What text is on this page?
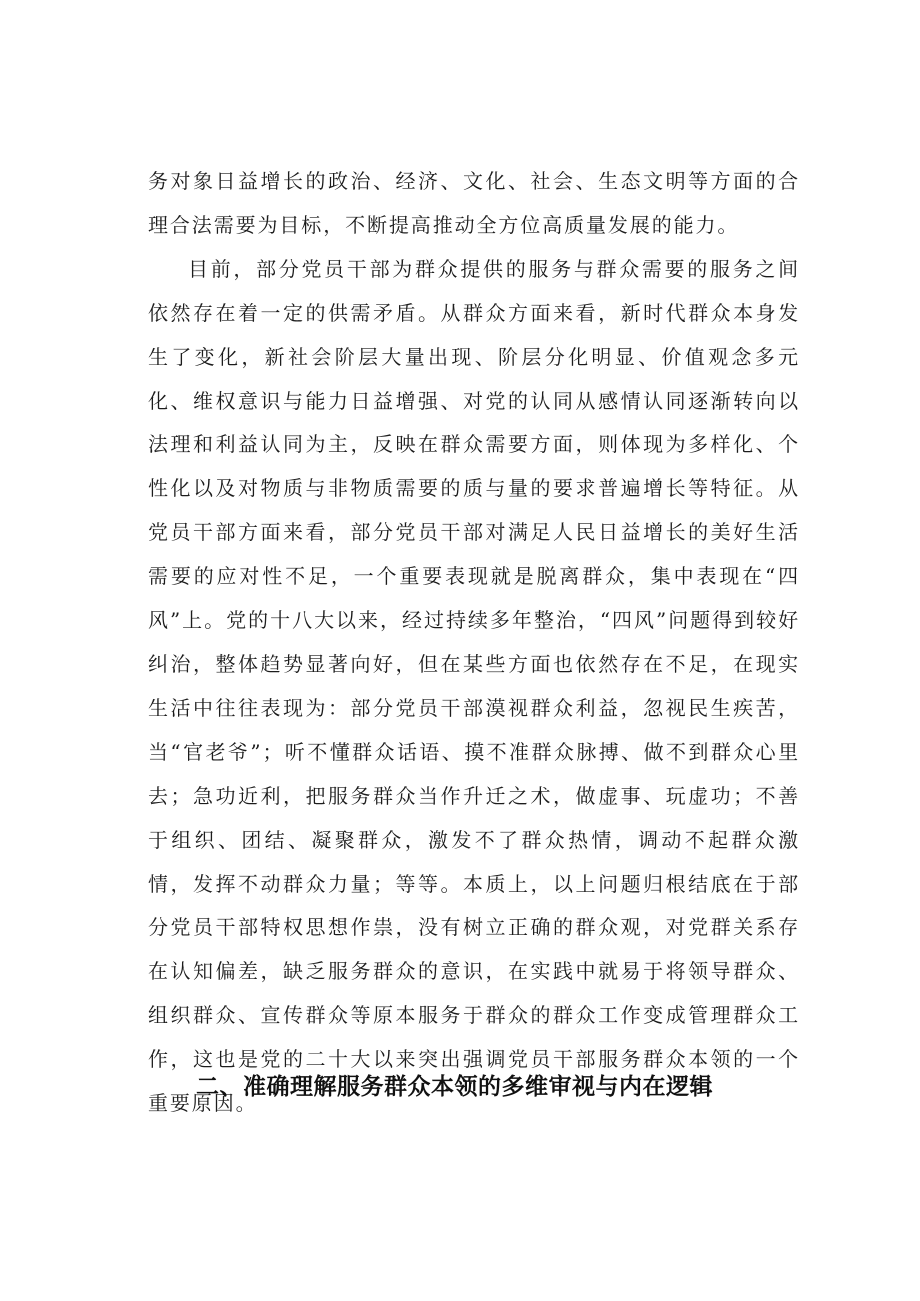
务对象日益增长的政治、经济、文化、社会、生态文明等方面的合理合法需要为目标，不断提高推动全方位高质量发展的能力。

目前，部分党员干部为群众提供的服务与群众需要的服务之间依然存在着一定的供需矛盾。从群众方面来看，新时代群众本身发生了变化，新社会阶层大量出现、阶层分化明显、价值观念多元化、维权意识与能力日益增强、对党的认同从感情认同逐渐转向以法理和利益认同为主，反映在群众需要方面，则体现为多样化、个性化以及对物质与非物质需要的质与量的要求普遍增长等特征。从党员干部方面来看，部分党员干部对满足人民日益增长的美好生活需要的应对性不足，一个重要表现就是脱离群众，集中表现在“四风”上。党的十八大以来，经过持续多年整治，“四风”问题得到较好纠治，整体趋势显著向好，但在某些方面也依然存在不足，在现实生活中往往表现为：部分党员干部漠视群众利益，忽视民生疾苦，当“官老爷”；听不懂群众话语、摸不准群众脉搏、做不到群众心里去；急功近利，把服务群众当作升迁之术，做虚事、玩虚功；不善于组织、团结、凝聚群众，激发不了群众热情，调动不起群众激情，发挥不动群众力量；等等。本质上，以上问题归根结底在于部分党员干部特权思想作祟，没有树立正确的群众观，对党群关系存在认知偏差，缺乏服务群众的意识，在实践中就易于将领导群众、组织群众、宣传群众等原本服务于群众的群众工作变成管理群众工作，这也是党的二十大以来突出强调党员干部服务群众本领的一个重要原因。

二、准确理解服务群众本领的多维审视与内在逻辑
